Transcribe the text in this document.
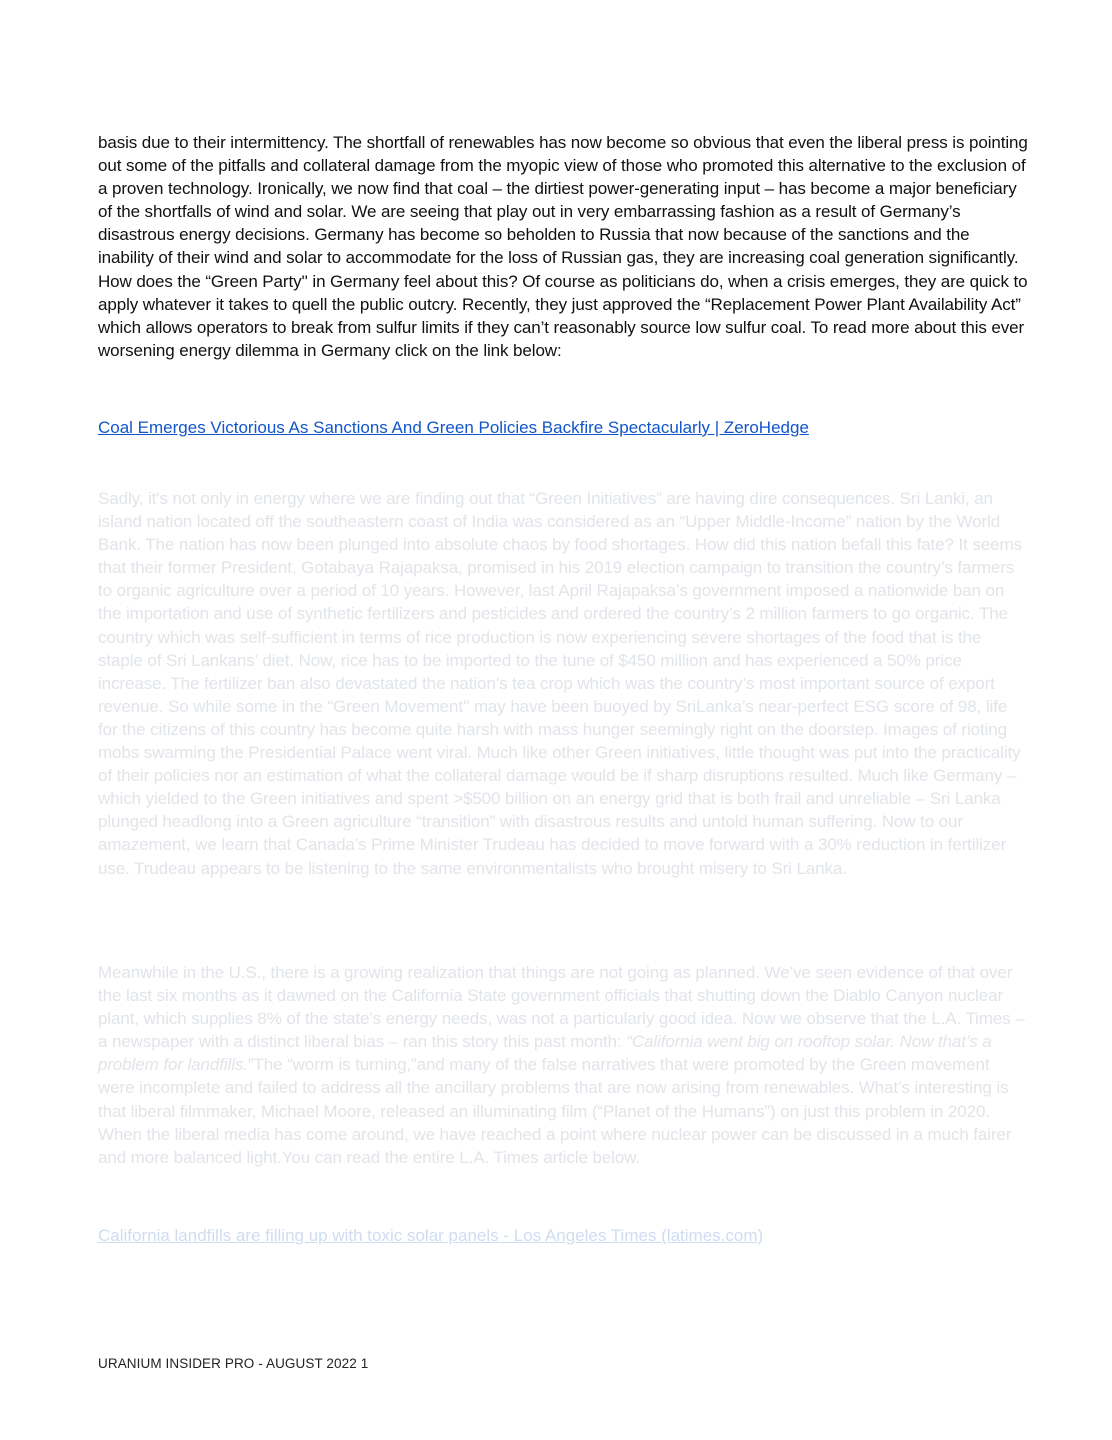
basis due to their intermittency. The shortfall of renewables has now become so obvious that even the liberal press is pointing out some of the pitfalls and collateral damage from the myopic view of those who promoted this alternative to the exclusion of a proven technology. Ironically, we now find that coal – the dirtiest power-generating input – has become a major beneficiary of the shortfalls of wind and solar. We are seeing that play out in very embarrassing fashion as a result of Germany’s disastrous energy decisions. Germany has become so beholden to Russia that now because of the sanctions and the inability of their wind and solar to accommodate for the loss of Russian gas, they are increasing coal generation significantly. How does the “Green Party'' in Germany feel about this? Of course as politicians do, when a crisis emerges, they are quick to apply whatever it takes to quell the public outcry. Recently, they just approved the “Replacement Power Plant Availability Act” which allows operators to break from sulfur limits if they can’t reasonably source low sulfur coal. To read more about this ever worsening energy dilemma in Germany click on the link below:

Coal Emerges Victorious As Sanctions And Green Policies Backfire Spectacularly | ZeroHedge

Sadly, it's not only in energy where we are finding out that “Green Initiatives” are having dire consequences. Sri Lanki, an island nation located off the southeastern coast of India was considered as an “Upper Middle-Income” nation by the World Bank. The nation has now been plunged into absolute chaos by food shortages. How did this nation befall this fate? It seems that their former President, Gotabaya Rajapaksa, promised in his 2019 election campaign to transition the country’s farmers to organic agriculture over a period of 10 years. However, last April Rajapaksa’s government imposed a nationwide ban on the importation and use of synthetic fertilizers and pesticides and ordered the country’s 2 million farmers to go organic. The country which was self-sufficient in terms of rice production is now experiencing severe shortages of the food that is the staple of Sri Lankans’ diet. Now, rice has to be imported to the tune of $450 million and has experienced a 50% price increase. The fertilizer ban also devastated the nation’s tea crop which was the country’s most important source of export revenue. So while some in the “Green Movement'' may have been buoyed by SriLanka’s near-perfect ESG score of 98, life for the citizens of this country has become quite harsh with mass hunger seemingly right on the doorstep. Images of rioting mobs swarming the Presidential Palace went viral. Much like other Green initiatives, little thought was put into the practicality of their policies nor an estimation of what the collateral damage would be if sharp disruptions resulted. Much like Germany – which yielded to the Green initiatives and spent >$500 billion on an energy grid that is both frail and unreliable – Sri Lanka plunged headlong into a Green agriculture “transition” with disastrous results and untold human suffering. Now to our amazement, we learn that Canada’s Prime Minister Trudeau has decided to move forward with a 30% reduction in fertilizer use. Trudeau appears to be listening to the same environmentalists who brought misery to Sri Lanka.

Meanwhile in the U.S., there is a growing realization that things are not going as planned. We’ve seen evidence of that over the last six months as it dawned on the California State government officials that shutting down the Diablo Canyon nuclear plant, which supplies 8% of the state’s energy needs, was not a particularly good idea. Now we observe that the L.A. Times – a newspaper with a distinct liberal bias – ran this story this past month: “California went big on rooftop solar. Now that’s a problem for landfills.”The “worm is turning,”and many of the false narratives that were promoted by the Green movement were incomplete and failed to address all the ancillary problems that are now arising from renewables. What’s interesting is that liberal filmmaker, Michael Moore, released an illuminating film (“Planet of the Humans”) on just this problem in 2020. When the liberal media has come around, we have reached a point where nuclear power can be discussed in a much fairer and more balanced light.You can read the entire L.A. Times article below.

California landfills are filling up with toxic solar panels - Los Angeles Times (latimes.com)
URANIUM INSIDER PRO - AUGUST 2022 1
